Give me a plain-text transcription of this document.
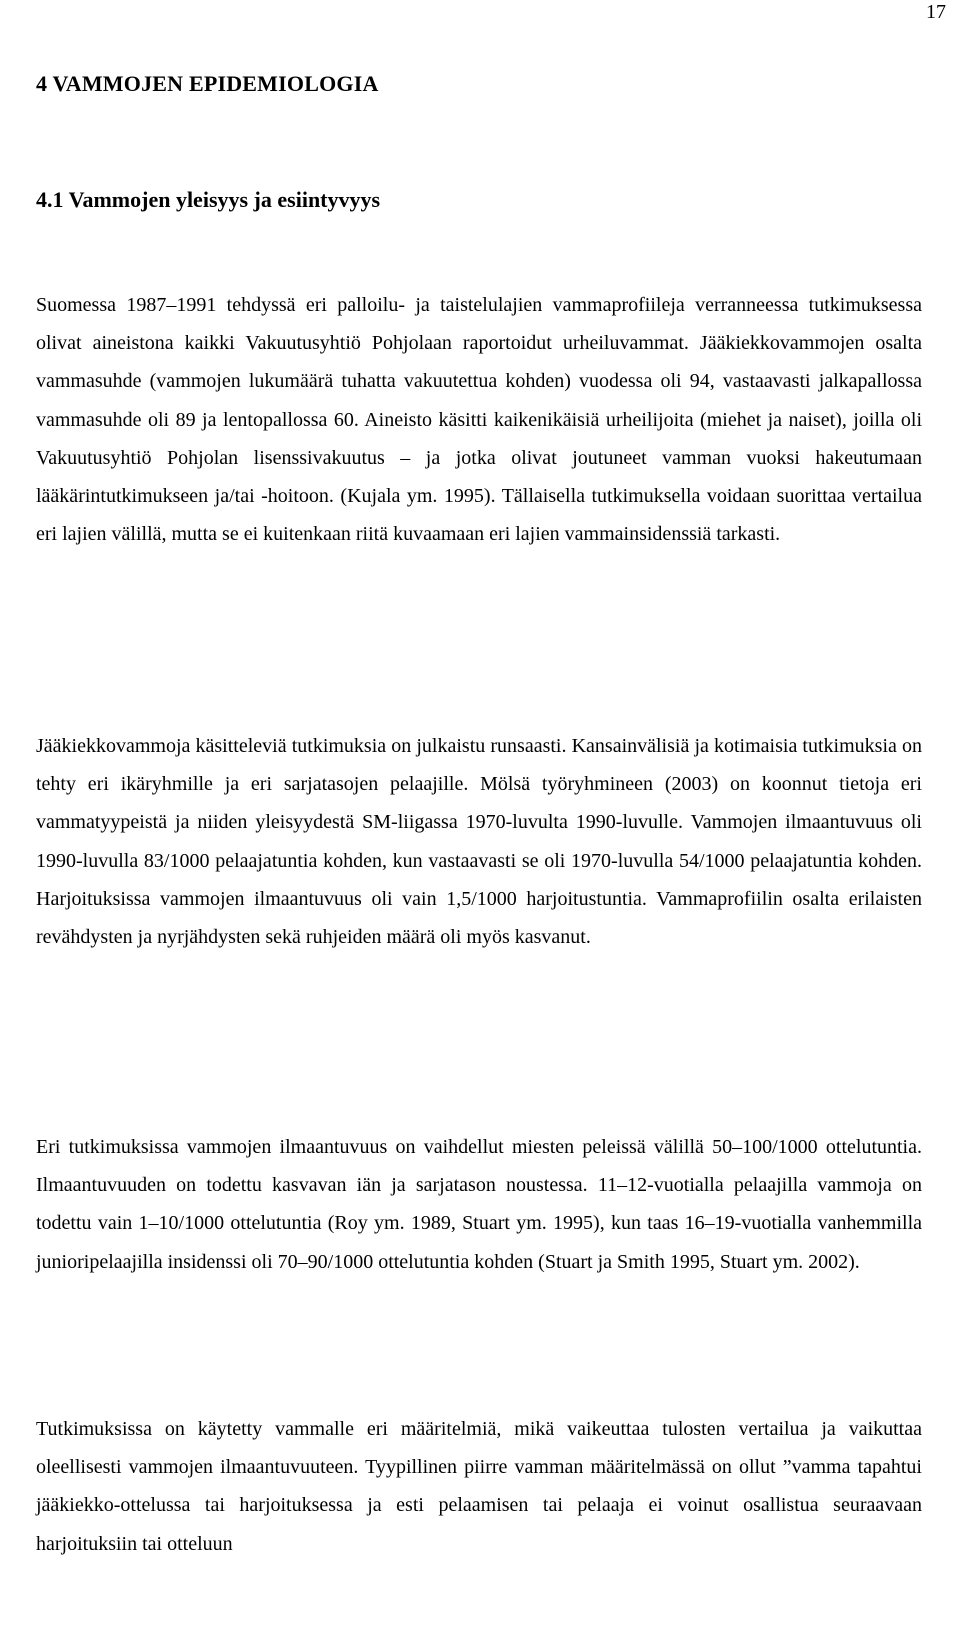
17
4 VAMMOJEN EPIDEMIOLOGIA
4.1 Vammojen yleisyys ja esiintyvyys

Suomessa 1987–1991 tehdyssä eri palloilu- ja taistelulajien vammaprofiileja verranneessa tutkimuksessa olivat aineistona kaikki Vakuutusyhtiö Pohjolaan raportoidut urheiluvammat. Jääkiekkovammojen osalta vammasuhde (vammojen lukumäärä tuhatta vakuutettua kohden) vuodessa oli 94, vastaavasti jalkapallossa vammasuhde oli 89 ja lentopallossa 60. Aineisto käsitti kaikenikäisiä urheilijoita (miehet ja naiset), joilla oli Vakuutusyhtiö Pohjolan lisenssivakuutus – ja jotka olivat joutuneet vamman vuoksi hakeutumaan lääkärintutkimukseen ja/tai -hoitoon. (Kujala ym. 1995). Tällaisella tutkimuksella voidaan suorittaa vertailua eri lajien välillä, mutta se ei kuitenkaan riitä kuvaamaan eri lajien vammainsidenssiä tarkasti.

Jääkiekkovammoja käsitteleviä tutkimuksia on julkaistu runsaasti. Kansainvälisiä ja kotimaisia tutkimuksia on tehty eri ikäryhmille ja eri sarjatasojen pelaajille. Mölsä työryhmineen (2003) on koonnut tietoja eri vammatyypeistä ja niiden yleisyydestä SM-liigassa 1970-luvulta 1990-luvulle. Vammojen ilmaantuvuus oli 1990-luvulla 83/1000 pelaajatuntia kohden, kun vastaavasti se oli 1970-luvulla 54/1000 pelaajatuntia kohden. Harjoituksissa vammojen ilmaantuvuus oli vain 1,5/1000 harjoitustuntia. Vammaprofiilin osalta erilaisten revähdysten ja nyrjähdysten sekä ruhjeiden määrä oli myös kasvanut.

Eri tutkimuksissa vammojen ilmaantuvuus on vaihdellut miesten peleissä välillä 50–100/1000 ottelutuntia. Ilmaantuvuuden on todettu kasvavan iän ja sarjatason noustessa. 11–12-vuotialla pelaajilla vammoja on todettu vain 1–10/1000 ottelutuntia (Roy ym. 1989, Stuart ym. 1995), kun taas 16–19-vuotialla vanhemmilla junioripelaajilla insidenssi oli 70–90/1000 ottelutuntia kohden (Stuart ja Smith 1995, Stuart ym. 2002).

Tutkimuksissa on käytetty vammalle eri määritelmiä, mikä vaikeuttaa tulosten vertailua ja vaikuttaa oleellisesti vammojen ilmaantuvuuteen. Tyypillinen piirre vamman määritelmässä on ollut ”vamma tapahtui jääkiekko-ottelussa tai harjoituksessa ja esti pelaamisen tai pelaaja ei voinut osallistua seuraavaan harjoituksiin tai otteluun
